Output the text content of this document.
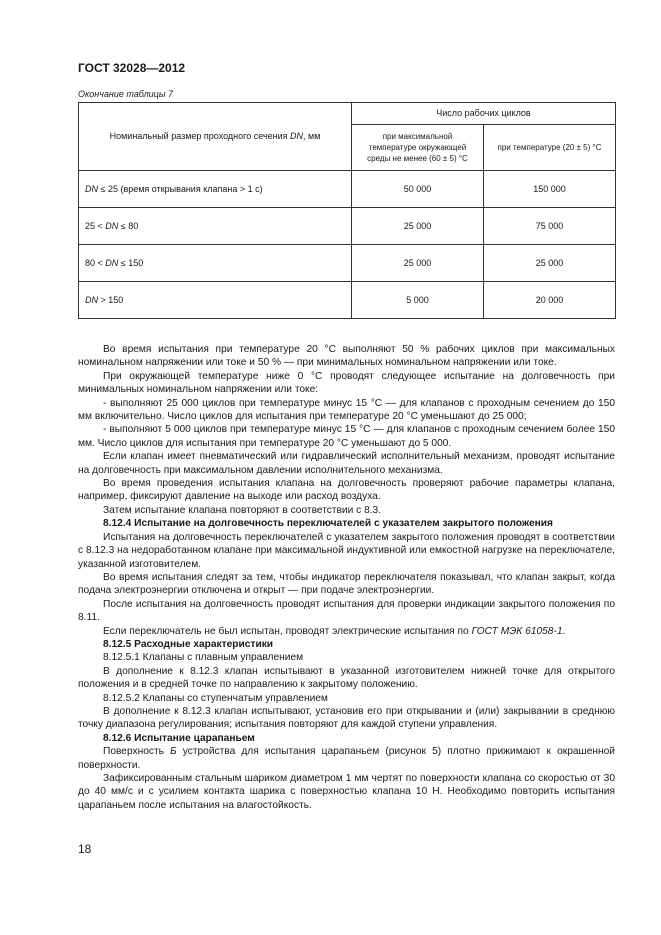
ГОСТ 32028—2012
Окончание таблицы 7
Номинальный размер проходного сечения DN, мм	Число рабочих циклов	
	при максимальной температуре окружающей среды не менее (60 ± 5) °С	при температуре (20 ± 5) °С
DN ≤ 25 (время открывания клапана > 1 с)	50 000	150 000
25 < DN ≤ 80	25 000	75 000
80 < DN ≤ 150	25 000	25 000
DN > 150	5 000	20 000

Во время испытания при температуре 20 °С выполняют 50 % рабочих циклов при максимальных номинальном напряжении или токе и 50 % — при минимальных номинальном напряжении или токе.

При окружающей температуре ниже 0 °С проводят следующее испытание на долговечность при минимальных номинальном напряжении или токе:

- выполняют 25 000 циклов при температуре минус 15 °С — для клапанов с проходным сечением до 150 мм включительно. Число циклов для испытания при температуре 20 °С уменьшают до 25 000;

- выполняют 5 000 циклов при температуре минус 15 °С — для клапанов с проходным сечением более 150 мм. Число циклов для испытания при температуре 20 °С уменьшают до 5 000.

Если клапан имеет пневматический или гидравлический исполнительный механизм, проводят испытание на долговечность при максимальном давлении исполнительного механизма.

Во время проведения испытания клапана на долговечность проверяют рабочие параметры клапана, например, фиксируют давление на выходе или расход воздуха.

Затем испытание клапана повторяют в соответствии с 8.3.

8.12.4 Испытание на долговечность переключателей с указателем закрытого положения

Испытания на долговечность переключателей с указателем закрытого положения проводят в соответствии с 8.12.3 на недоработанном клапане при максимальной индуктивной или емкостной нагрузке на переключателе, указанной изготовителем.

Во время испытания следят за тем, чтобы индикатор переключателя показывал, что клапан закрыт, когда подача электроэнергии отключена и открыт — при подаче электроэнергии.

После испытания на долговечность проводят испытания для проверки индикации закрытого положения по 8.11.

Если переключатель не был испытан, проводят электрические испытания по ГОСТ МЭК 61058-1.

8.12.5 Расходные характеристики

8.12.5.1 Клапаны с плавным управлением

В дополнение к 8.12.3 клапан испытывают в указанной изготовителем нижней точке для открытого положения и в средней точке по направлению к закрытому положению.

8.12.5.2 Клапаны со ступенчатым управлением

В дополнение к 8.12.3 клапан испытывают, установив его при открывании и (или) закрывании в среднюю точку диапазона регулирования; испытания повторяют для каждой ступени управления.

8.12.6 Испытание царапаньем

Поверхность Б устройства для испытания царапаньем (рисунок 5) плотно прижимают к окрашенной поверхности.

Зафиксированным стальным шариком диаметром 1 мм чертят по поверхности клапана со скоростью от 30 до 40 мм/с и с усилием контакта шарика с поверхностью клапана 10 Н. Необходимо повторить испытания царапаньем после испытания на влагостойкость.

18
